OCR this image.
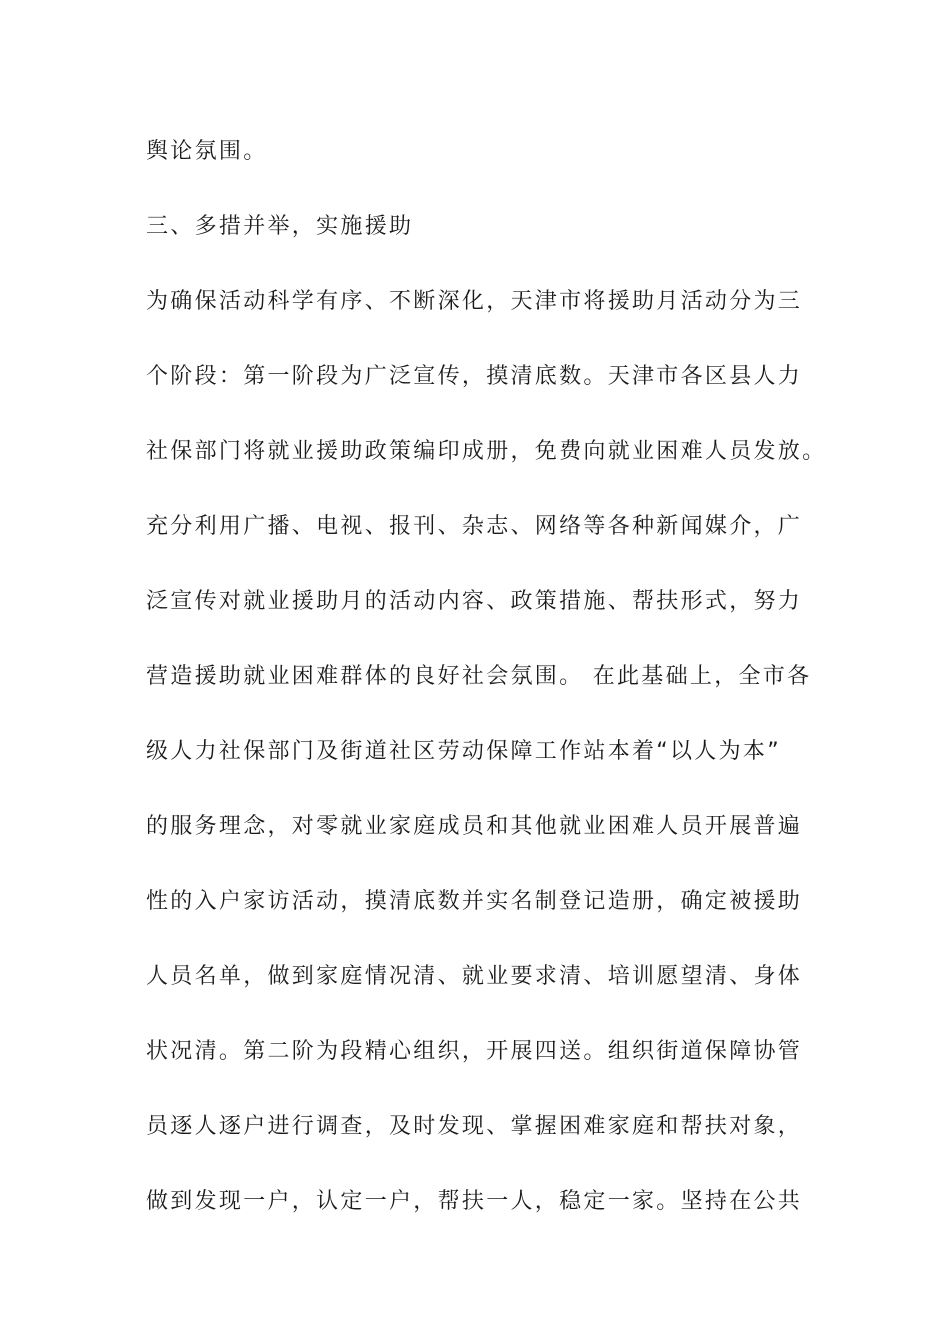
舆论氛围。

三、多措并举，实施援助

为确保活动科学有序、不断深化，天津市将援助月活动分为三

个阶段：第一阶段为广泛宣传，摸清底数。天津市各区县人力

社保部门将就业援助政策编印成册，免费向就业困难人员发放。

充分利用广播、电视、报刊、杂志、网络等各种新闻媒介，广

泛宣传对就业援助月的活动内容、政策措施、帮扶形式，努力

营造援助就业困难群体的良好社会氛围。 在此基础上，全市各

级人力社保部门及街道社区劳动保障工作站本着“以人为本”

的服务理念，对零就业家庭成员和其他就业困难人员开展普遍

性的入户家访活动，摸清底数并实名制登记造册，确定被援助

人员名单，做到家庭情况清、就业要求清、培训愿望清、身体

状况清。第二阶为段精心组织，开展四送。组织街道保障协管

员逐人逐户进行调查，及时发现、掌握困难家庭和帮扶对象，

做到发现一户，认定一户，帮扶一人，稳定一家。坚持在公共
